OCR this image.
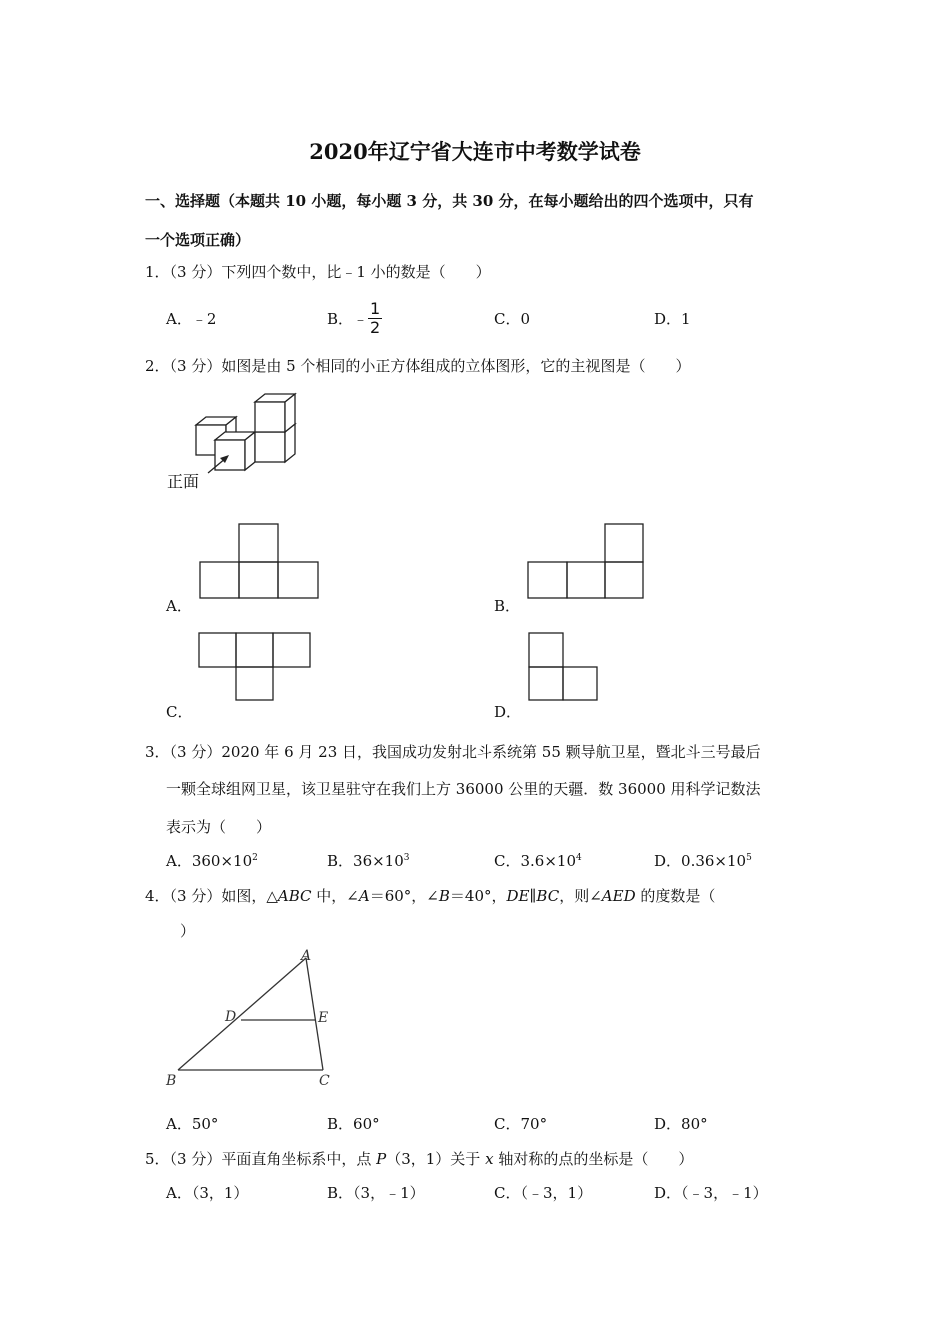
2020年辽宁省大连市中考数学试卷
一、选择题（本题共 10 小题，每小题 3 分，共 30 分，在每小题给出的四个选项中，只有
一个选项正确）
1．（3 分）下列四个数中，比﹣1 小的数是（　　）
A．﹣2	B．﹣ $\frac{1}{2}$	C．0	D．1
2．（3 分）如图是由 5 个相同的小正方体组成的立体图形，它的主视图是（　　）
正面
A．	B．
C．	D．
3．（3 分）2020 年 6 月 23 日，我国成功发射北斗系统第 55 颗导航卫星，暨北斗三号最后
一颗全球组网卫星，该卫星驻守在我们上方 36000 公里的天疆．数 36000 用科学记数法
表示为（　　）
A．$360\times 10^2$	B．$36\times 10^3$	C．$3.6\times 10^4$	D．$0.36\times 10^5$
4．（3 分）如图，△ABC 中，∠A＝60°，∠B＝40°，DE∥BC，则∠AED 的度数是（
）
A
B	C
D	E
A．50°	B．60°	C．70°	D．80°
5．（3 分）平面直角坐标系中，点 P（3，1）关于 x 轴对称的点的坐标是（　　）
A．（3，1）	B．（3，﹣1）	C．（﹣3，1）	D．（﹣3，﹣1）
